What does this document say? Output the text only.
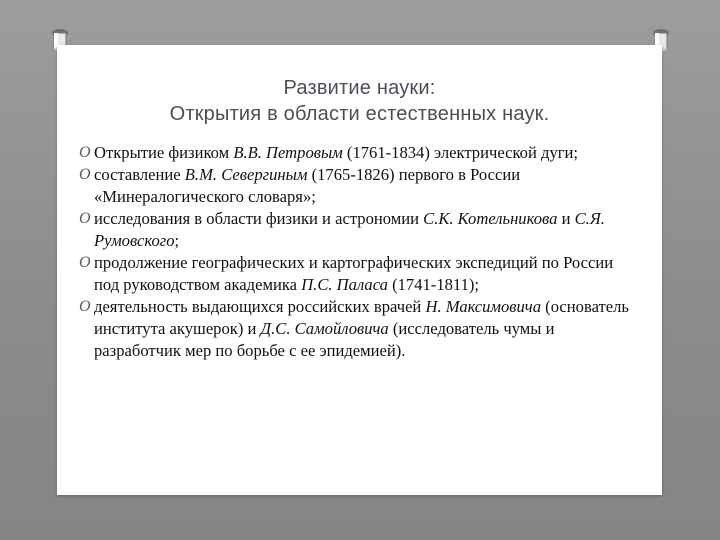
Развитие науки:
Открытия в области естественных наук.
O Открытие физиком В.В. Петровым (1761-1834) электрической дуги;
O составление В.М. Севергиным (1765-1826) первого в России «Минералогического словаря»;
O исследования в области физики и астрономии С.К. Котельникова и С.Я. Румовского;
O продолжение географических и картографических экспедиций по России под руководством академика П.С. Паласа (1741-1811);
O деятельность выдающихся российских врачей Н. Максимовича (основатель института акушерок) и Д.С. Самойловича (исследователь чумы и разработчик мер по борьбе с ее эпидемией).
